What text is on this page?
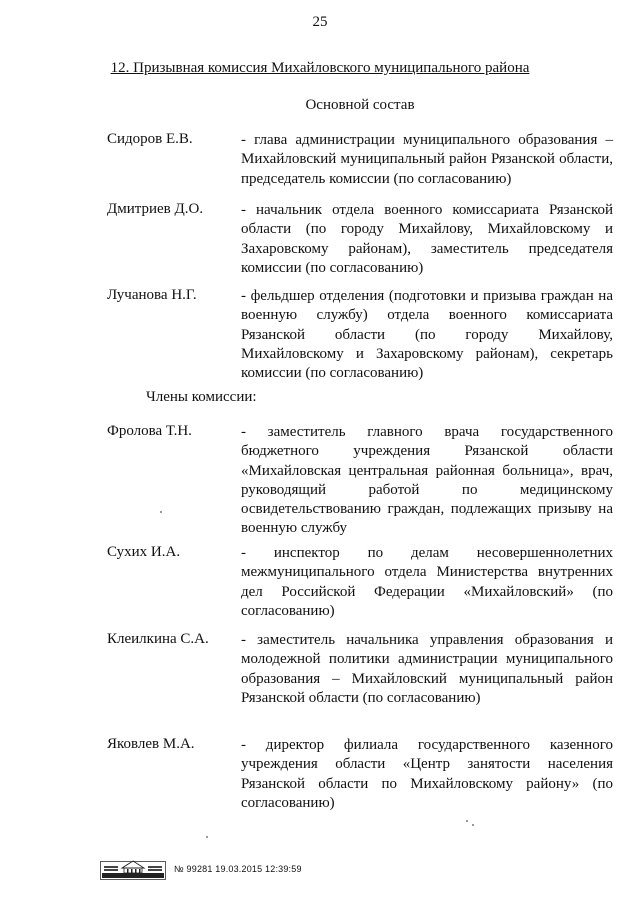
25
12. Призывная комиссия Михайловского муниципального района
Основной состав
Сидоров Е.В.	- глава администрации муниципального образования – Михайловский муниципальный район Рязанской области, председатель комиссии (по согласованию)
Дмитриев Д.О.	- начальник отдела военного комиссариата Рязанской области (по городу Михайлову, Михайловскому и Захаровскому районам), заместитель председателя комиссии (по согласованию)
Лучанова Н.Г.	- фельдшер отделения (подготовки и призыва граждан на военную службу) отдела военного комиссариата Рязанской области (по городу Михайлову, Михайловскому и Захаровскому районам), секретарь комиссии (по согласованию)
Члены комиссии:
Фролова Т.Н.	- заместитель главного врача государственного бюджетного учреждения Рязанской области «Михайловская центральная районная больница», врач, руководящий работой по медицинскому освидетельствованию граждан, подлежащих призыву на военную службу
Сухих И.А.	- инспектор по делам несовершеннолетних межмуниципального отдела Министерства внутренних дел Российской Федерации «Михайловский» (по согласованию)
Клеилкина С.А. - заместитель начальника управления образования и молодежной политики администрации муниципального образования – Михайловский муниципальный район Рязанской области (по согласованию)
Яковлев М.А.	- директор филиала государственного казенного учреждения области «Центр занятости населения Рязанской области по Михайловскому району» (по согласованию)
№ 99281 19.03.2015 12:39:59
